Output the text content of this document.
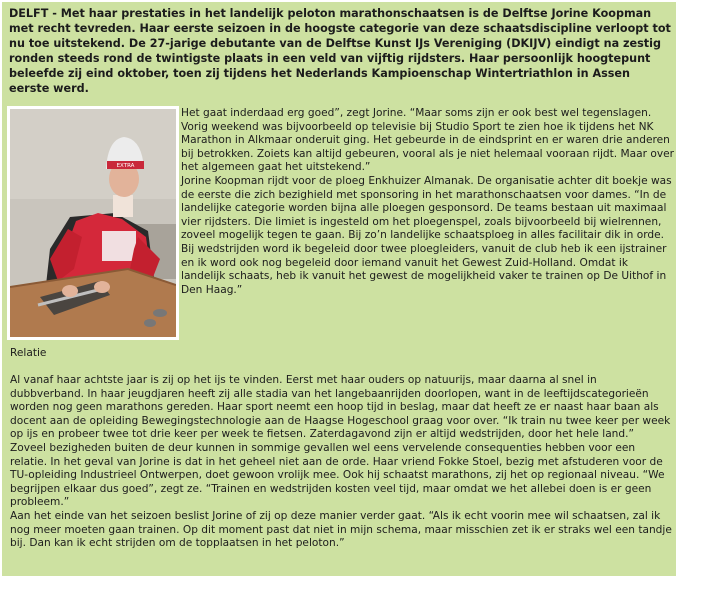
DELFT - Met haar prestaties in het landelijk peloton marathonschaatsen is de Delftse Jorine Koopman met recht tevreden. Haar eerste seizoen in de hoogste categorie van deze schaatsdiscipline verloopt tot nu toe uitstekend. De 27-jarige debutante van de Delftse Kunst IJs Vereniging (DKIJV) eindigt na zestig ronden steeds rond de twintigste plaats in een veld van vijftig rijdsters. Haar persoonlijk hoogtepunt beleefde zij eind oktober, toen zij tijdens het Nederlands Kampioenschap Wintertriathlon in Assen eerste werd.
EXTRA

Het gaat inderdaad erg goed”, zegt Jorine. “Maar soms zijn er ook best wel tegenslagen. Vorig weekend was bijvoorbeeld op televisie bij Studio Sport te zien hoe ik tijdens het NK Marathon in Alkmaar onderuit ging. Het gebeurde in de eindsprint en er waren drie anderen bij betrokken. Zoiets kan altijd gebeuren, vooral als je niet helemaal vooraan rijdt. Maar over het algemeen gaat het uitstekend.”

Jorine Koopman rijdt voor de ploeg Enkhuizer Almanak. De organisatie achter dit boekje was de eerste die zich bezighield met sponsoring in het marathonschaatsen voor dames. “In de landelijke categorie worden bijna alle ploegen gesponsord. De teams bestaan uit maximaal vier rijdsters. Die limiet is ingesteld om het ploegenspel, zoals bijvoorbeeld bij wielrennen, zoveel mogelijk tegen te gaan. Bij zo’n landelijke schaatsploeg in alles facilitair dik in orde. Bij wedstrijden word ik begeleid door twee ploegleiders, vanuit de club heb ik een ijstrainer en ik word ook nog begeleid door iemand vanuit het Gewest Zuid-Holland. Omdat ik landelijk schaats, heb ik vanuit het gewest de mogelijkheid vaker te trainen op De Uithof in Den Haag.”

Relatie

Al vanaf haar achtste jaar is zij op het ijs te vinden. Eerst met haar ouders op natuurijs, maar daarna al snel in dubbverband. In haar jeugdjaren heeft zij alle stadia van het langebaanrijden doorlopen, want in de leeftijdscategorieën worden nog geen marathons gereden. Haar sport neemt een hoop tijd in beslag, maar dat heeft ze er naast haar baan als docent aan de opleiding Bewegingstechnologie aan de Haagse Hogeschool graag voor over. “Ik train nu twee keer per week op ijs en probeer twee tot drie keer per week te fietsen. Zaterdagavond zijn er altijd wedstrijden, door het hele land.”

Zoveel bezigheden buiten de deur kunnen in sommige gevallen wel eens vervelende consequenties hebben voor een relatie. In het geval van Jorine is dat in het geheel niet aan de orde. Haar vriend Fokke Stoel, bezig met afstuderen voor de TU-opleiding Industrieel Ontwerpen, doet gewoon vrolijk mee. Ook hij schaatst marathons, zij het op regionaal niveau. “We begrijpen elkaar dus goed”, zegt ze. “Trainen en wedstrijden kosten veel tijd, maar omdat we het allebei doen is er geen probleem.”

Aan het einde van het seizoen beslist Jorine of zij op deze manier verder gaat. “Als ik echt voorin mee wil schaatsen, zal ik nog meer moeten gaan trainen. Op dit moment past dat niet in mijn schema, maar misschien zet ik er straks wel een tandje bij. Dan kan ik echt strijden om de topplaatsen in het peloton.”
